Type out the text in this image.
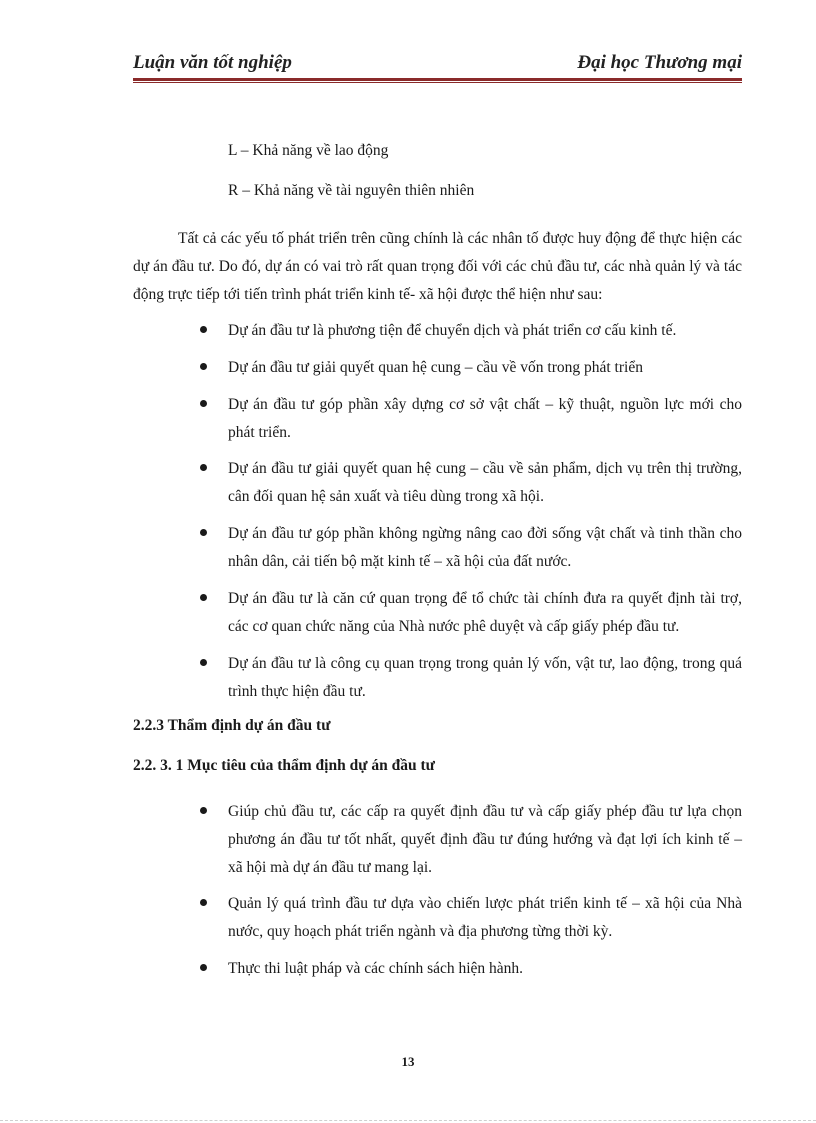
Luận văn tốt nghiệp	Đại học Thương mại
L – Khả năng về lao động
R – Khả năng về tài nguyên thiên nhiên
Tất cả các yếu tố phát triển trên cũng chính là các nhân tố được huy động để thực hiện các dự án đầu tư. Do đó, dự án có vai trò rất quan trọng đối với các chủ đầu tư, các nhà quản lý và tác động trực tiếp tới tiến trình phát triển kinh tế- xã hội được thể hiện như sau:
Dự án đầu tư là phương tiện để chuyển dịch và phát triển cơ cấu kinh tế.
Dự án đầu tư giải quyết quan hệ cung – cầu về vốn trong phát triển
Dự án đầu tư góp phần xây dựng cơ sở vật chất – kỹ thuật, nguồn lực mới cho phát triển.
Dự án đầu tư giải quyết quan hệ cung – cầu về sản phẩm, dịch vụ trên thị trường, cân đối quan hệ sản xuất và tiêu dùng trong xã hội.
Dự án đầu tư góp phần không ngừng nâng cao đời sống vật chất và tinh thần cho nhân dân, cải tiến bộ mặt kinh tế – xã hội của đất nước.
Dự án đầu tư là căn cứ quan trọng để tổ chức tài chính đưa ra quyết định tài trợ, các cơ quan chức năng của Nhà nước phê duyệt và cấp giấy phép đầu tư.
Dự án đầu tư là công cụ quan trọng trong quản lý vốn, vật tư, lao động, trong quá trình thực hiện đầu tư.
2.2.3 Thẩm định dự án đầu tư
2.2. 3. 1 Mục tiêu của thẩm định dự án đầu tư
Giúp chủ đầu tư, các cấp ra quyết định đầu tư và cấp giấy phép đầu tư lựa chọn phương án đầu tư tốt nhất, quyết định đầu tư đúng hướng và đạt lợi ích kinh tế – xã hội mà dự án đầu tư mang lại.
Quản lý quá trình đầu tư dựa vào chiến lược phát triển kinh tế – xã hội của Nhà nước, quy hoạch phát triển ngành và địa phương từng thời kỳ.
Thực thi luật pháp và các chính sách hiện hành.
13
